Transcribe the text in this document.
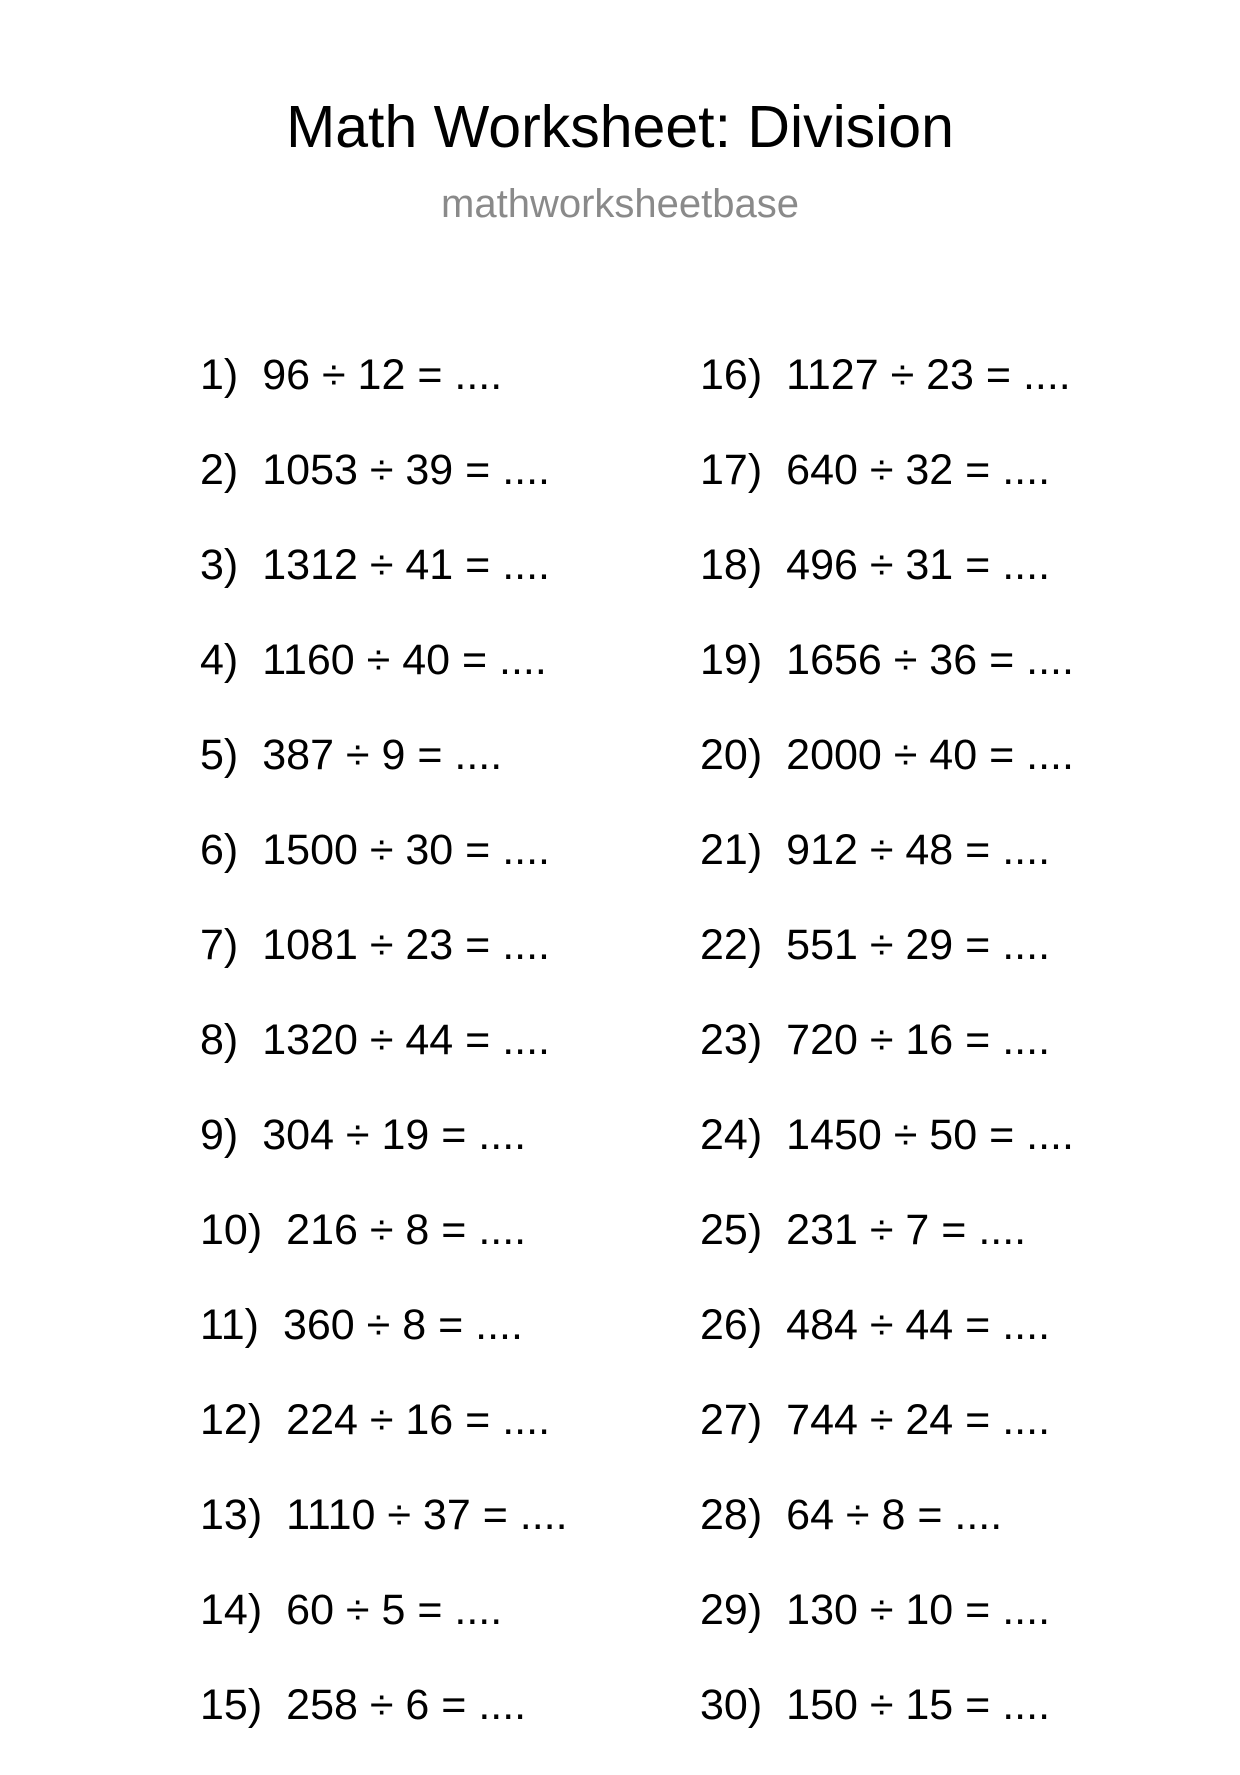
Math Worksheet: Division
mathworksheetbase
1) 96 ÷ 12 = ....
2) 1053 ÷ 39 = ....
3) 1312 ÷ 41 = ....
4) 1160 ÷ 40 = ....
5) 387 ÷ 9 = ....
6) 1500 ÷ 30 = ....
7) 1081 ÷ 23 = ....
8) 1320 ÷ 44 = ....
9) 304 ÷ 19 = ....
10) 216 ÷ 8 = ....
11) 360 ÷ 8 = ....
12) 224 ÷ 16 = ....
13) 1110 ÷ 37 = ....
14) 60 ÷ 5 = ....
15) 258 ÷ 6 = ....
16) 1127 ÷ 23 = ....
17) 640 ÷ 32 = ....
18) 496 ÷ 31 = ....
19) 1656 ÷ 36 = ....
20) 2000 ÷ 40 = ....
21) 912 ÷ 48 = ....
22) 551 ÷ 29 = ....
23) 720 ÷ 16 = ....
24) 1450 ÷ 50 = ....
25) 231 ÷ 7 = ....
26) 484 ÷ 44 = ....
27) 744 ÷ 24 = ....
28) 64 ÷ 8 = ....
29) 130 ÷ 10 = ....
30) 150 ÷ 15 = ....
